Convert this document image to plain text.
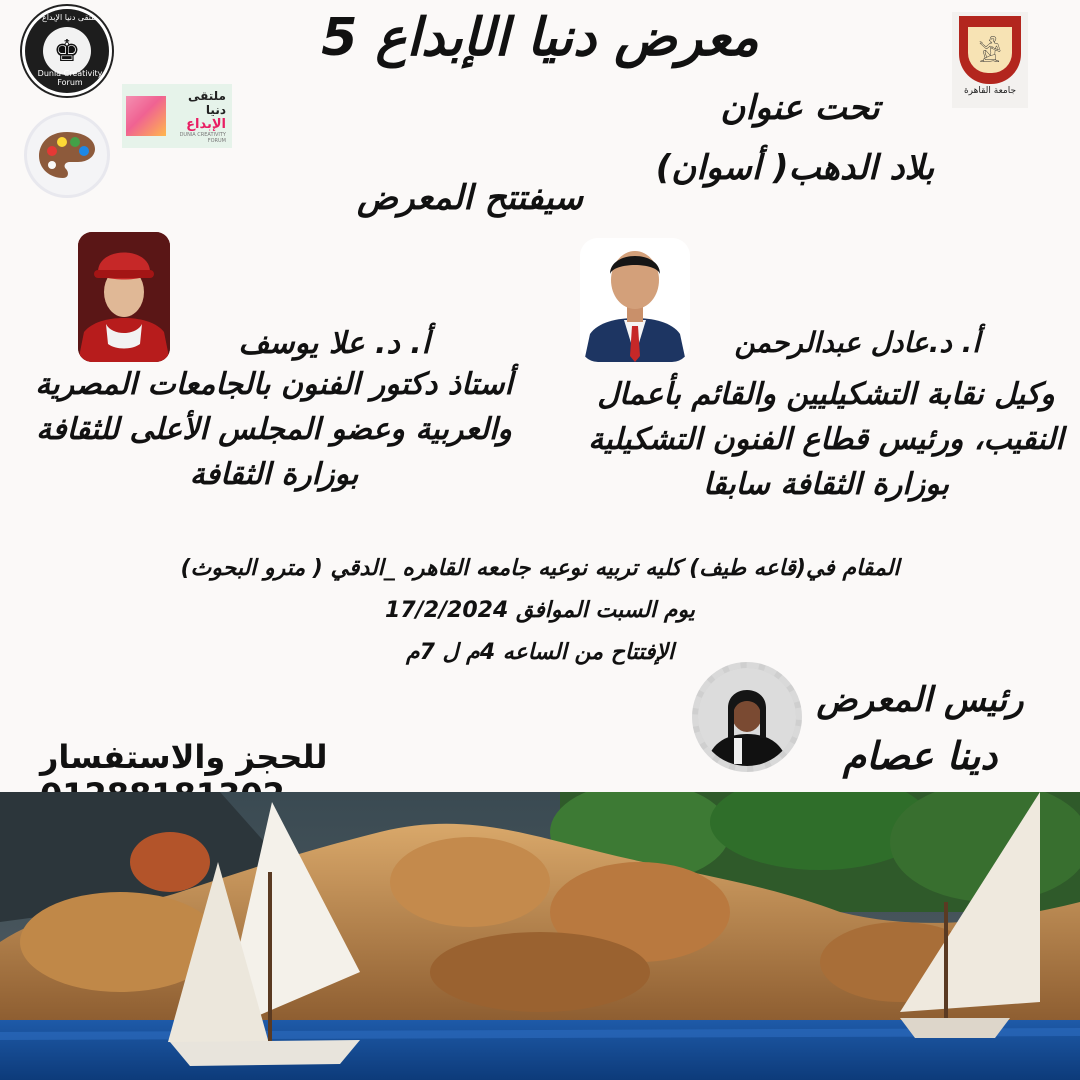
ملتقى دنيا الإبداع
♚
Dunia Creativity Forum
ملتقى دنيا
الإبداع
DUNIA CREATIVITY FORUM
𓀀
جامعة القاهرة
معرض دنيا الإبداع 5
تحت عنوان
بلاد الدهب( أسوان)
سيفتتح المعرض
أ. د.عادل عبدالرحمن
وكيل نقابة التشكيليين والقائم بأعمال
النقيب، ورئيس قطاع الفنون التشكيلية
بوزارة الثقافة سابقا
أ. د. علا يوسف
أستاذ دكتور الفنون بالجامعات المصرية
والعربية وعضو المجلس الأعلى للثقافة
بوزارة الثقافة
المقام في(قاعه طيف) كليه تربيه نوعيه جامعه القاهره _الدقي ( مترو البحوث)
يوم السبت الموافق 17/2/2024
الإفتتاح من الساعه 4م ل 7م
رئيس المعرض
دينا عصام
للحجز والاستفسار
